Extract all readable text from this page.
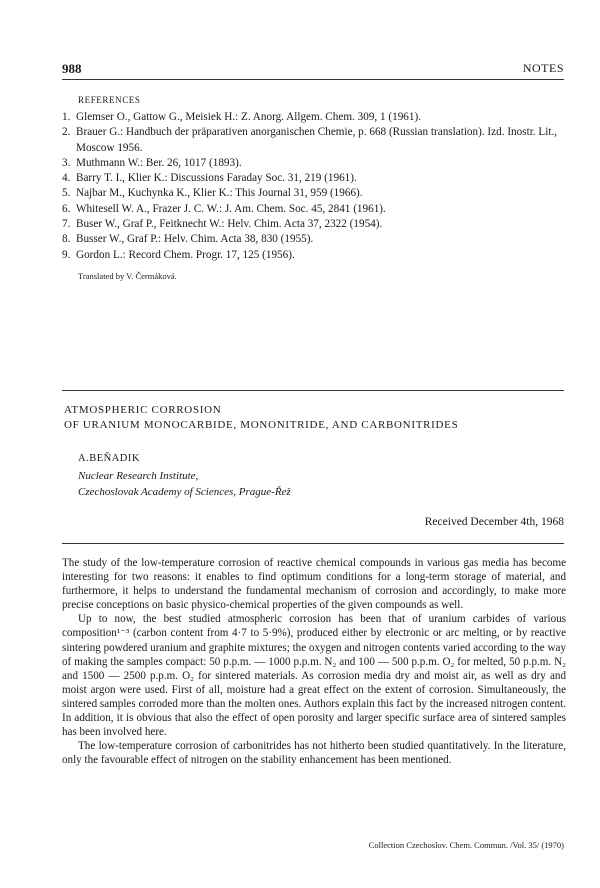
988	NOTES
REFERENCES
1. Glemser O., Gattow G., Meisiek H.: Z. Anorg. Allgem. Chem. 309, 1 (1961).
2. Brauer G.: Handbuch der präparativen anorganischen Chemie, p. 668 (Russian translation). Izd. Inostr. Lit., Moscow 1956.
3. Muthmann W.: Ber. 26, 1017 (1893).
4. Barry T. I., Klier K.: Discussions Faraday Soc. 31, 219 (1961).
5. Najbar M., Kuchynka K., Klier K.: This Journal 31, 959 (1966).
6. Whitesell W. A., Frazer J. C. W.: J. Am. Chem. Soc. 45, 2841 (1961).
7. Buser W., Graf P., Feitknecht W.: Helv. Chim. Acta 37, 2322 (1954).
8. Busser W., Graf P.: Helv. Chim. Acta 38, 830 (1955).
9. Gordon L.: Record Chem. Progr. 17, 125 (1956).
Translated by V. Čermáková.
ATMOSPHERIC CORROSION
OF URANIUM MONOCARBIDE, MONONITRIDE, AND CARBONITRIDES
A.BEŇADIK
Nuclear Research Institute,
Czechoslovak Academy of Sciences, Prague-Řež
Received December 4th, 1968

The study of the low-temperature corrosion of reactive chemical compounds in various gas media has become interesting for two reasons: it enables to find optimum conditions for a long-term storage of material, and furthermore, it helps to understand the fundamental mechanism of corrosion and accordingly, to make more precise conceptions on basic physico-chemical properties of the given compounds as well.

Up to now, the best studied atmospheric corrosion has been that of uranium carbides of various composition¹⁻³ (carbon content from 4·7 to 5·9%), produced either by electronic or arc melting, or by reactive sintering powdered uranium and graphite mixtures; the oxygen and nitrogen contents varied according to the way of making the samples compact: 50 p.p.m. — 1000 p.p.m. N₂ and 100 — 500 p.p.m. O₂ for melted, 50 p.p.m. N₂ and 1500 — 2500 p.p.m. O₂ for sintered materials. As corrosion media dry and moist air, as well as dry and moist argon were used. First of all, moisture had a great effect on the extent of corrosion. Simultaneously, the sintered samples corroded more than the molten ones. Authors explain this fact by the increased nitrogen content. In addition, it is obvious that also the effect of open porosity and larger specific surface area of sintered samples has been involved here.

The low-temperature corrosion of carbonitrides has not hitherto been studied quantitatively. In the literature, only the favourable effect of nitrogen on the stability enhancement has been mentioned.

Collection Czechoslov. Chem. Commun. /Vol. 35/ (1970)
